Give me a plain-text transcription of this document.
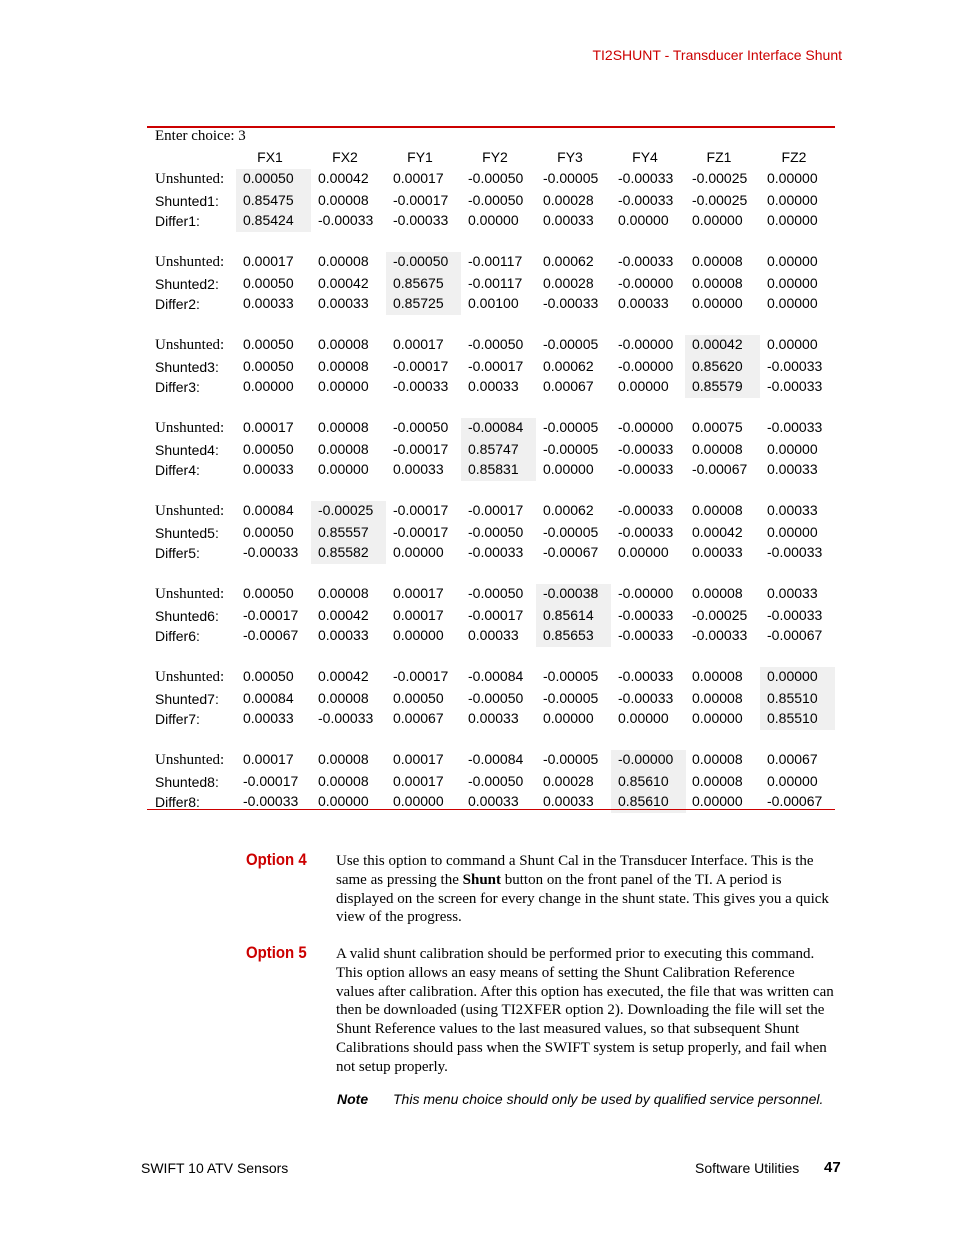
TI2SHUNT - Transducer Interface Shunt
Enter choice: 3
FX1	FX2	FY1	FY2	FY3	FY4	FZ1	FZ2
Unshunted: 0.00050 0.00042 0.00017 -0.00050 -0.00005 -0.00033 -0.00025 0.00000
Shunted1: 0.85475 0.00008 -0.00017 -0.00050 0.00028 -0.00033 -0.00025 0.00000
Differ1:	0.85424 -0.00033 -0.00033 0.00000 0.00033 0.00000 0.00000 0.00000
Unshunted: 0.00017 0.00008 -0.00050 -0.00117 0.00062 -0.00033 0.00008 0.00000
Shunted2: 0.00050 0.00042 0.85675 -0.00117 0.00028 -0.00000 0.00008 0.00000
Differ2:	0.00033 0.00033 0.85725 0.00100 -0.00033 0.00033 0.00000 0.00000
Unshunted: 0.00050 0.00008 0.00017 -0.00050 -0.00005 -0.00000 0.00042 0.00000
Shunted3: 0.00050 0.00008 -0.00017 -0.00017 0.00062 -0.00000 0.85620 -0.00033
Differ3:	0.00000 0.00000 -0.00033 0.00033 0.00067 0.00000 0.85579 -0.00033
Unshunted: 0.00017 0.00008 -0.00050 -0.00084 -0.00005 -0.00000 0.00075 -0.00033
Shunted4: 0.00050 0.00008 -0.00017 0.85747 -0.00005 -0.00033 0.00008 0.00000
Differ4:	0.00033 0.00000 0.00033 0.85831 0.00000 -0.00033 -0.00067 0.00033
Unshunted: 0.00084 -0.00025 -0.00017 -0.00017 0.00062 -0.00033 0.00008 0.00033
Shunted5: 0.00050 0.85557 -0.00017 -0.00050 -0.00005 -0.00033 0.00042 0.00000
Differ5:	-0.00033 0.85582 0.00000 -0.00033 -0.00067 0.00000 0.00033 -0.00033
Unshunted: 0.00050 0.00008 0.00017 -0.00050 -0.00038 -0.00000 0.00008 0.00033
Shunted6: -0.00017 0.00042 0.00017 -0.00017 0.85614 -0.00033 -0.00025 -0.00033
Differ6:	-0.00067 0.00033 0.00000 0.00033 0.85653 -0.00033 -0.00033 -0.00067
Unshunted: 0.00050 0.00042 -0.00017 -0.00084 -0.00005 -0.00033 0.00008 0.00000
Shunted7: 0.00084 0.00008 0.00050 -0.00050 -0.00005 -0.00033 0.00008 0.85510
Differ7:	0.00033 -0.00033 0.00067 0.00033 0.00000 0.00000 0.00000 0.85510
Unshunted: 0.00017 0.00008 0.00017 -0.00084 -0.00005 -0.00000 0.00008 0.00067
Shunted8: -0.00017 0.00008 0.00017 -0.00050 0.00028 0.85610 0.00008 0.00000
Differ8:	-0.00033 0.00000 0.00000 0.00033 0.00033 0.85610 0.00000 -0.00067
Option 4 Use this option to command a Shunt Cal in the Transducer Interface. This is the same as pressing the Shunt button on the front panel of the TI. A period is displayed on the screen for every change in the shunt state. This gives you a quick view of the progress.
Option 5 A valid shunt calibration should be performed prior to executing this command. This option allows an easy means of setting the Shunt Calibration Reference values after calibration. After this option has executed, the file that was written can then be downloaded (using TI2XFER option 2). Downloading the file will set the Shunt Reference values to the last measured values, so that subsequent Shunt Calibrations should pass when the SWIFT system is setup properly, and fail when not setup properly.
Note This menu choice should only be used by qualified service personnel.
SWIFT 10 ATV Sensors	Software Utilities 47
